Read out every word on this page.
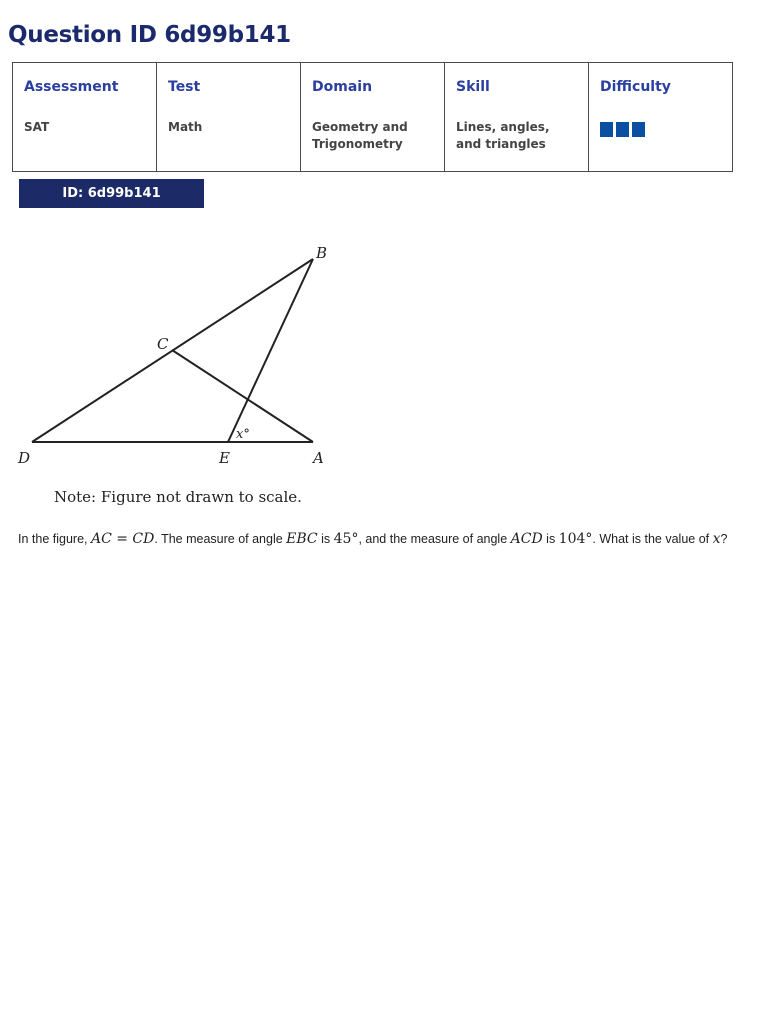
Question ID 6d99b141
Assessment
SAT

Test
Math

Domain
Geometry and Trigonometry

Skill
Lines, angles, and triangles

Difficulty
ID: 6d99b141
B
C
D	E	A
x°
Note: Figure not drawn to scale.

In the figure, AC = CD. The measure of angle EBC is 45°, and the measure of angle ACD is 104°. What is the value of x?
